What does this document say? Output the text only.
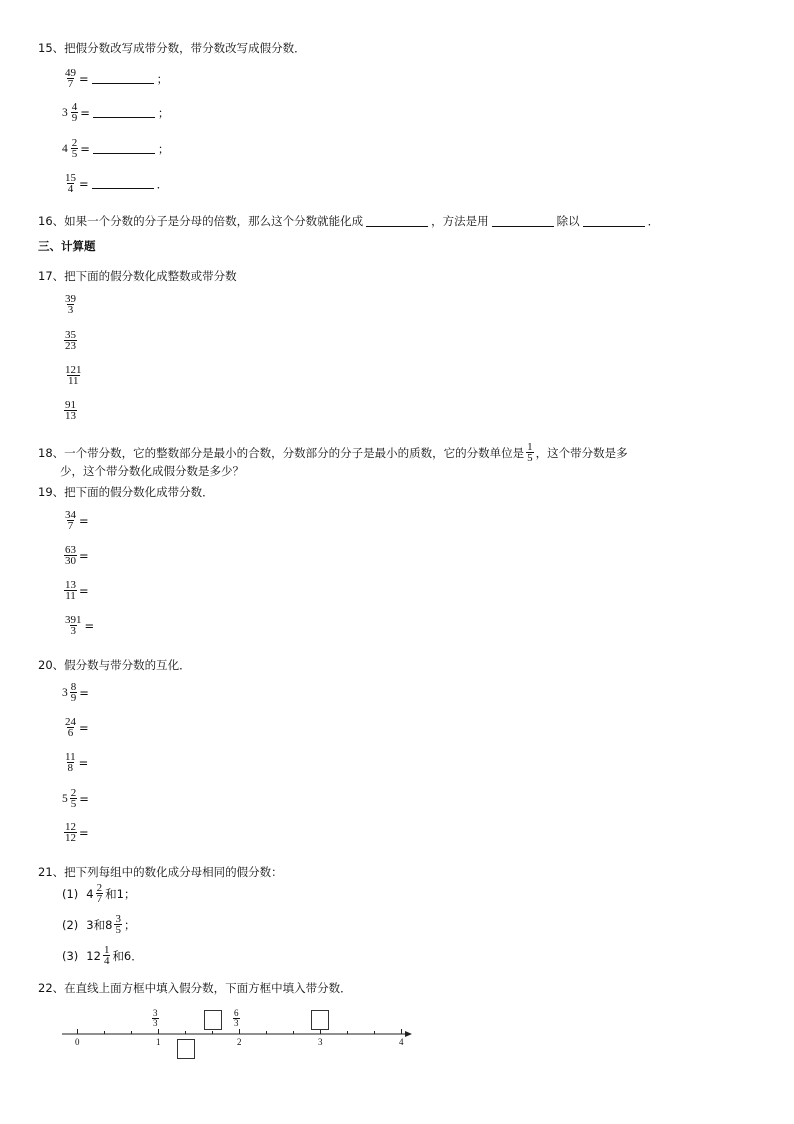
15、把假分数改写成带分数，带分数改写成假分数．
$\frac{49}{7}$ =	；
$3 \frac{4}{9}$ =	；
$4 \frac{2}{5}$ =	；
$\frac{15}{4}$ =	．
16、如果一个分数的分子是分母的倍数，那么这个分数就能化成	，方法是用	除以	．
三、计算题
17、把下面的假分数化成整数或带分数
$\frac{39}{3}$
$\frac{35}{23}$
$\frac{121}{11}$
$\frac{91}{13}$
18、一个带分数，它的整数部分是最小的合数，分数部分的分子是最小的质数，它的分数单位是 $\frac{1}{5}$ ，这个带分数是多
少，这个带分数化成假分数是多少？
19、把下面的假分数化成带分数．
$\frac{34}{7}$ =
$\frac{63}{30}$ =
$\frac{13}{11}$ =
$\frac{391}{3}$ =
20、假分数与带分数的互化．
$3 \frac{8}{9}$ =
$\frac{24}{6}$ =
$\frac{11}{8}$ =
$5 \frac{2}{5}$ =
$\frac{12}{12}$ =
21、把下列每组中的数化成分母相同的假分数：
(1) $4 \frac{2}{7}$ 和1；
(2) 3和$8 \frac{3}{5}$ ；
(3) $12 \frac{1}{4}$ 和6．
22、在直线上面方框中填入假分数，下面方框中填入带分数．
0	1	2	3	4
$\frac{3}{3}$	$\frac{6}{3}$
